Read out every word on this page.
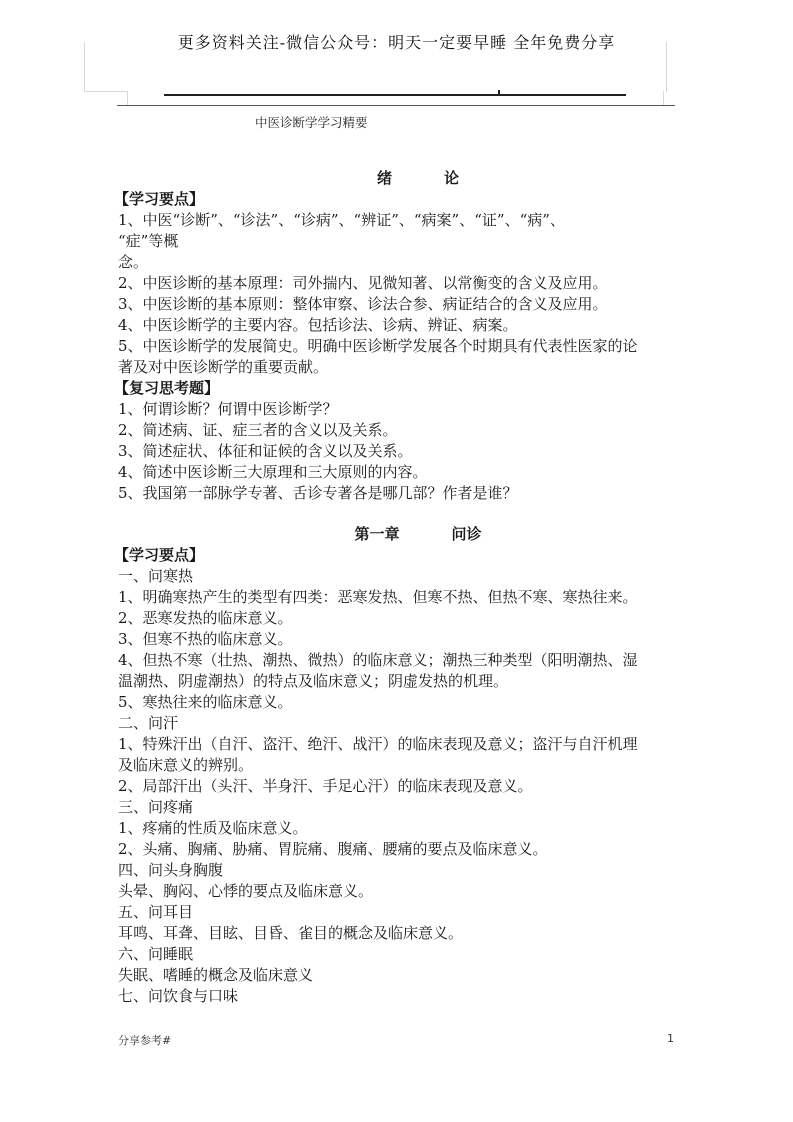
更多资料关注-微信公众号：明天一定要早睡 全年免费分享
中医诊断学学习精要

绪	论

【学习要点】

1、中医“诊断”、“诊法”、“诊病”、“辨证”、“病案”、“证”、“病”、

“症”等概

念。

2、中医诊断的基本原理：司外揣内、见微知著、以常衡变的含义及应用。

3、中医诊断的基本原则：整体审察、诊法合参、病证结合的含义及应用。

4、中医诊断学的主要内容。包括诊法、诊病、辨证、病案。

5、中医诊断学的发展简史。明确中医诊断学发展各个时期具有代表性医家的论

著及对中医诊断学的重要贡献。

【复习思考题】

1、何谓诊断？何谓中医诊断学？

2、简述病、证、症三者的含义以及关系。

3、简述症状、体征和证候的含义以及关系。

4、简述中医诊断三大原理和三大原则的内容。

5、我国第一部脉学专著、舌诊专著各是哪几部？作者是谁？

第一章	问诊

【学习要点】

一、问寒热

1、明确寒热产生的类型有四类：恶寒发热、但寒不热、但热不寒、寒热往来。

2、恶寒发热的临床意义。

3、但寒不热的临床意义。

4、但热不寒（壮热、潮热、微热）的临床意义；潮热三种类型（阳明潮热、湿

温潮热、阴虚潮热）的特点及临床意义；阴虚发热的机理。

5、寒热往来的临床意义。

二、问汗

1、特殊汗出（自汗、盗汗、绝汗、战汗）的临床表现及意义；盗汗与自汗机理

及临床意义的辨别。

2、局部汗出（头汗、半身汗、手足心汗）的临床表现及意义。

三、问疼痛

1、疼痛的性质及临床意义。

2、头痛、胸痛、胁痛、胃脘痛、腹痛、腰痛的要点及临床意义。

四、问头身胸腹

头晕、胸闷、心悸的要点及临床意义。

五、问耳目

耳鸣、耳聋、目眩、目昏、雀目的概念及临床意义。

六、问睡眠

失眠、嗜睡的概念及临床意义

七、问饮食与口味

分享参考#	1
